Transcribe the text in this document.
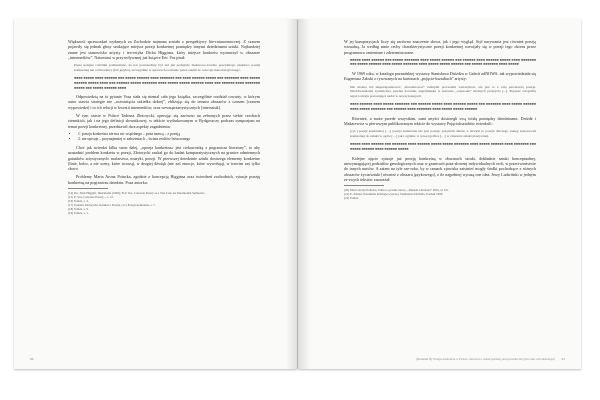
Większość sprawozdań wydanych za Zachodzie najmana została z perspektywy lite-raturoznawczej. Z czasem pojawiły się jednak głosy szukające miejsca poezji konkretnej pomiędzy innymi dziedzinami sztuki. Najbardziej znane jest stanowisko artysty i teo-retyka Dicka Higginsa, który miejsce konkretu wyznaczył w obszarze „intermediów”. Natomiast w przywoływanej już książce Eric Vos pisał:

Przez kolejne rodzinki podkreślane, że ten powszechny był ani jak podejście makarowo-bardzo specjalnego znakuwo poezji konkretnej nie od literatury (lub języka), szczególnie w sprawach rozstanie przez zanim ze rozwoju metodologicznego.
■■■■ ■■■■■ ■■■■ ■■■■■■ ■■■ ■■■■■ ■■■■■■ ■■■■ ■■■■■■■ ■■■ ■■■■ ■■■■■■ ■■■■■ ■■■ ■■■■■■■ ■■■■ ■■■■■ ■■■■■■ ■■■■■ ■■■■ ■■■ ■■■■■■ ■■■■■ ■■■■■■■ ■■■■ ■■■■■ ■■■■■ ■■■■■■ ■■■■ ■■■ ■■■■■■ ■■■■ ■■■■■■■ ■■■■■ ■■■ ■■■■■ ■■■■■■ ■■■■

Odpowiedzią na to pytanie Vosa stała się niemal cała jego książka, szczególnie rozdział czwarty, w którym autor stawia strategie nie „rozwinięcia szkiełka dobrej”, zbliżając się do tematu obszarów z czasem [czasem wypowiedzi] i to ich relacji w kwestii intermediów, oraz wewnątrzartystycznych [intersztuk].

W tym czasie w Polsce Tadeusz Złotorycki, operując się zarówno na zebranych przez siebie czechach ziemskich, jak i na jego definicji słownikowej, w tekście wydrukowanym w Bydgoszczy podczas sympozjum na temat poezji konkretnej, przedstawił dwa aspekty zagadnienia:

• 1. poezja konkretna nie ma nic wspólnego – poza nazwą – z poezją
• 2. nie opisuje – przynajmniej w założeniach – świata realiów leżaczonego

Choć jak twierdzi kilka stron dalej, „opozja konkretna« jest ciekawostką z pogranicza literatury”, to aby uzasadnić problem konkretu w poezji, Złotorycki szukał go do badań komparatystycznych na granice odmiennych gatunków artystycznych: malarstwa, muzyki, poezji. W pierwszej dziedzinie sztuki dostrzega elementy konkretne (linie, kolor, a nie sceny, które tworzą), w drugiej dźwięk (nie zaś emocje, które wywołują), w trzecim zaś tylko słowo.

Problemy Marta Arona Poincka, zgodnie z koncepcją Higginsa oraz twierdzeń zachodnich, sytuuje poezję konkretną na pograniczu dziedzin. Poza autorka:

[14] Por. Dick Higgins, Intermedia (1965); Eric Vos, Concrete Poetry as a Test Case for Intermedial Semiotics.

[15] E. Vos, Concrete Poetry..., s. 12.

[16] Tamże, s. 4.

[17] Tadeusz Złotorycki, Konkret i Poezja, [w:] Poezja konkretna, s. 7.

[18] Tamże, s. 9.

[19] Tamże, s. 1.

90

W jej kompozycjach liczy się zarówno znaczenie słowa, jak i jego wygląd. Styl narywania jest również poezją wizualną. Ja według mnie cechy charakterystyczne poezji konkretnej rozwijały się w poezji tego okresu przez programowo zmienione i zdeterminowane.

■■■■■ ■■■■ ■■■■■■ ■■■ ■■■■■ ■■■■■■■ ■■■■ ■■■■■ ■■■■■■ ■■■ ■■■■■■ ■■■■ ■■■■■■ ■■■■■ ■■■■ ■■■■■■■ ■■■ ■■■■■ ■■■■■■ ■■■■ ■■■■■ ■■■■■■■ ■■■■ ■■■■■ ■■■■■ ■■■■■■ ■■■ ■■■■■ ■■■■■■■ ■■■■ ■■■■■

W 1969 roku, w katalogu poznańskiej wystawy Stanisława Dróżdża w Galerii odNOWA, tak wypowiedziała się Eugeniusz Zabski o rysowanych na kartonach „pojęcio-kształtach” artysty:

Nie można ich ekspresjonizować, „literalizować” żadnymi procesami wierszyków, ale jest to z całą pewnością poezja. Niedobrzeniami, synteticzna, pewien dorobek, zagrzmianka w zestawie „czasu-nie” zdolnych przezycia [...]. Poprzez ortografię tegoż rodzaju pozostająca nadal w nowej kategorii.
■■■■ ■■■■■■ ■■■■ ■■■■■ ■■■■■■■ ■■■ ■■■■■■ ■■■■■ ■■■■ ■■■■■■ ■■■■■ ■■■ ■■■■■■■ ■■■■ ■■■■■ ■■■■■■ ■■■■ ■■■■■ ■■■■■■■ ■■■ ■■■■■■ ■■■■ ■■■■■■■ ■■■■ ■■■■■ ■■■■■ ■■■■■■

Również, a może przede wszystkim, sami artyści dostrzegli swą ścisłą pomiędzy dziedzinami. Dróżdż i Makarewicz w pierwszym publikowanym tekście do wystawy Pojęciokształtów twierdzili:

[cyt.] poezji konkretnej […] poezja konkretna nie jest poezją: pojęciem dziełe, z niczym je poezja dlaczego zasięg zastosowań konkretnej do sztuki w ogóle […] jak i ogólnie w nowej grafice […] w obszarze sztuki plastycznej.
■■■■■ ■■■■ ■■■■■■ ■■■ ■■■■■■■ ■■■■ ■■■■■■ ■■■■■ ■■■■■ ■■■■■■■ ■■■■ ■■■■■ ■■■■■■ ■■■■ ■■■■■■■ ■■■ ■■■■■ ■■■■■■ ■■■■ ■■■■■■ ■■■■■

Kolejne ujęcie sytuuje już poezję konkretną w obszarach sztuki, dokładnie sztuki konceptualnej, niewymagającej podziałów genologicznych oraz w granicach poza-słownej indywidualnych cech, w przeciwieństwie do innych nurtów. A zatem na tyle sze-roko, by w ramach zjawiska zaistnieć mogły środki pochodzące z różnych obszarów życia/sztuki [również z obszaru językowego], o ile najpełniej wyrazą one idea. Jerzy Ludwiński w jednym ze swych tekstów zauważał:

[20] Marta Arona Poincka, Takie to pewnie słowo, „Dekada Literacka” 2001, nr 5/6.

[21] E. Zabski, Przesłanie katalogu wystawy Stanisława Dróżdża, Poznań 1969.

[22] Tamże.

[Rozdział II] Poezja konkretna w Polsce. Zarówno i sztuki polskiej poezji konkretnej (do roku czterdziestego) 91
